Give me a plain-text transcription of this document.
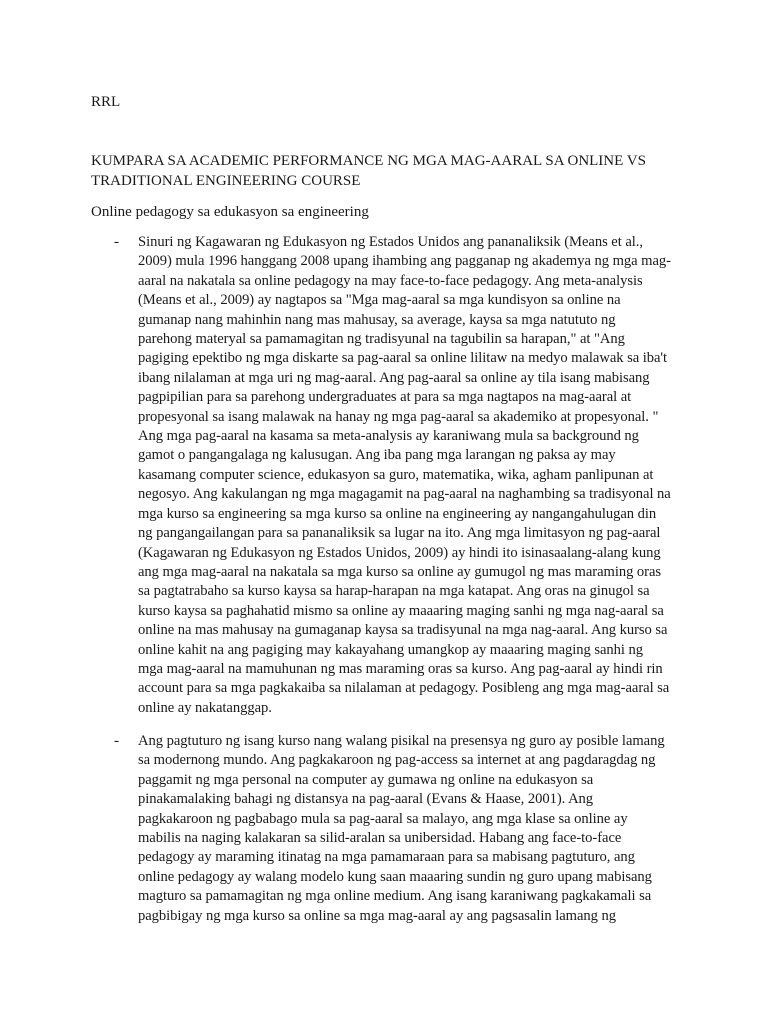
RRL

KUMPARA SA ACADEMIC PERFORMANCE NG MGA MAG-AARAL SA ONLINE VS TRADITIONAL ENGINEERING COURSE

Online pedagogy sa edukasyon sa engineering

- Sinuri ng Kagawaran ng Edukasyon ng Estados Unidos ang pananaliksik (Means et al., 2009) mula 1996 hanggang 2008 upang ihambing ang pagganap ng akademya ng mga mag-aaral na nakatala sa online pedagogy na may face-to-face pedagogy. Ang meta-analysis (Means et al., 2009) ay nagtapos sa "Mga mag-aaral sa mga kundisyon sa online na gumanap nang mahinhin nang mas mahusay, sa average, kaysa sa mga natututo ng parehong materyal sa pamamagitan ng tradisyunal na tagubilin sa harapan," at "Ang pagiging epektibo ng mga diskarte sa pag-aaral sa online lilitaw na medyo malawak sa iba't ibang nilalaman at mga uri ng mag-aaral. Ang pag-aaral sa online ay tila isang mabisang pagpipilian para sa parehong undergraduates at para sa mga nagtapos na mag-aaral at propesyonal sa isang malawak na hanay ng mga pag-aaral sa akademiko at propesyonal. " Ang mga pag-aaral na kasama sa meta-analysis ay karaniwang mula sa background ng gamot o pangangalaga ng kalusugan. Ang iba pang mga larangan ng paksa ay may kasamang computer science, edukasyon sa guro, matematika, wika, agham panlipunan at negosyo. Ang kakulangan ng mga magagamit na pag-aaral na naghambing sa tradisyonal na mga kurso sa engineering sa mga kurso sa online na engineering ay nangangahulugan din ng pangangailangan para sa pananaliksik sa lugar na ito. Ang mga limitasyon ng pag-aaral (Kagawaran ng Edukasyon ng Estados Unidos, 2009) ay hindi ito isinasaalang-alang kung ang mga mag-aaral na nakatala sa mga kurso sa online ay gumugol ng mas maraming oras sa pagtatrabaho sa kurso kaysa sa harap-harapan na mga katapat. Ang oras na ginugol sa kurso kaysa sa paghahatid mismo sa online ay maaaring maging sanhi ng mga nag-aaral sa online na mas mahusay na gumaganap kaysa sa tradisyunal na mga nag-aaral. Ang kurso sa online kahit na ang pagiging may kakayahang umangkop ay maaaring maging sanhi ng mga mag-aaral na mamuhunan ng mas maraming oras sa kurso. Ang pag-aaral ay hindi rin account para sa mga pagkakaiba sa nilalaman at pedagogy. Posibleng ang mga mag-aaral sa online ay nakatanggap.

- Ang pagtuturo ng isang kurso nang walang pisikal na presensya ng guro ay posible lamang sa modernong mundo. Ang pagkakaroon ng pag-access sa internet at ang pagdaragdag ng paggamit ng mga personal na computer ay gumawa ng online na edukasyon sa pinakamalaking bahagi ng distansya na pag-aaral (Evans & Haase, 2001). Ang pagkakaroon ng pagbabago mula sa pag-aaral sa malayo, ang mga klase sa online ay mabilis na naging kalakaran sa silid-aralan sa unibersidad. Habang ang face-to-face pedagogy ay maraming itinatag na mga pamamaraan para sa mabisang pagtuturo, ang online pedagogy ay walang modelo kung saan maaaring sundin ng guro upang mabisang magturo sa pamamagitan ng mga online medium. Ang isang karaniwang pagkakamali sa pagbibigay ng mga kurso sa online sa mga mag-aaral ay ang pagsasalin lamang ng
